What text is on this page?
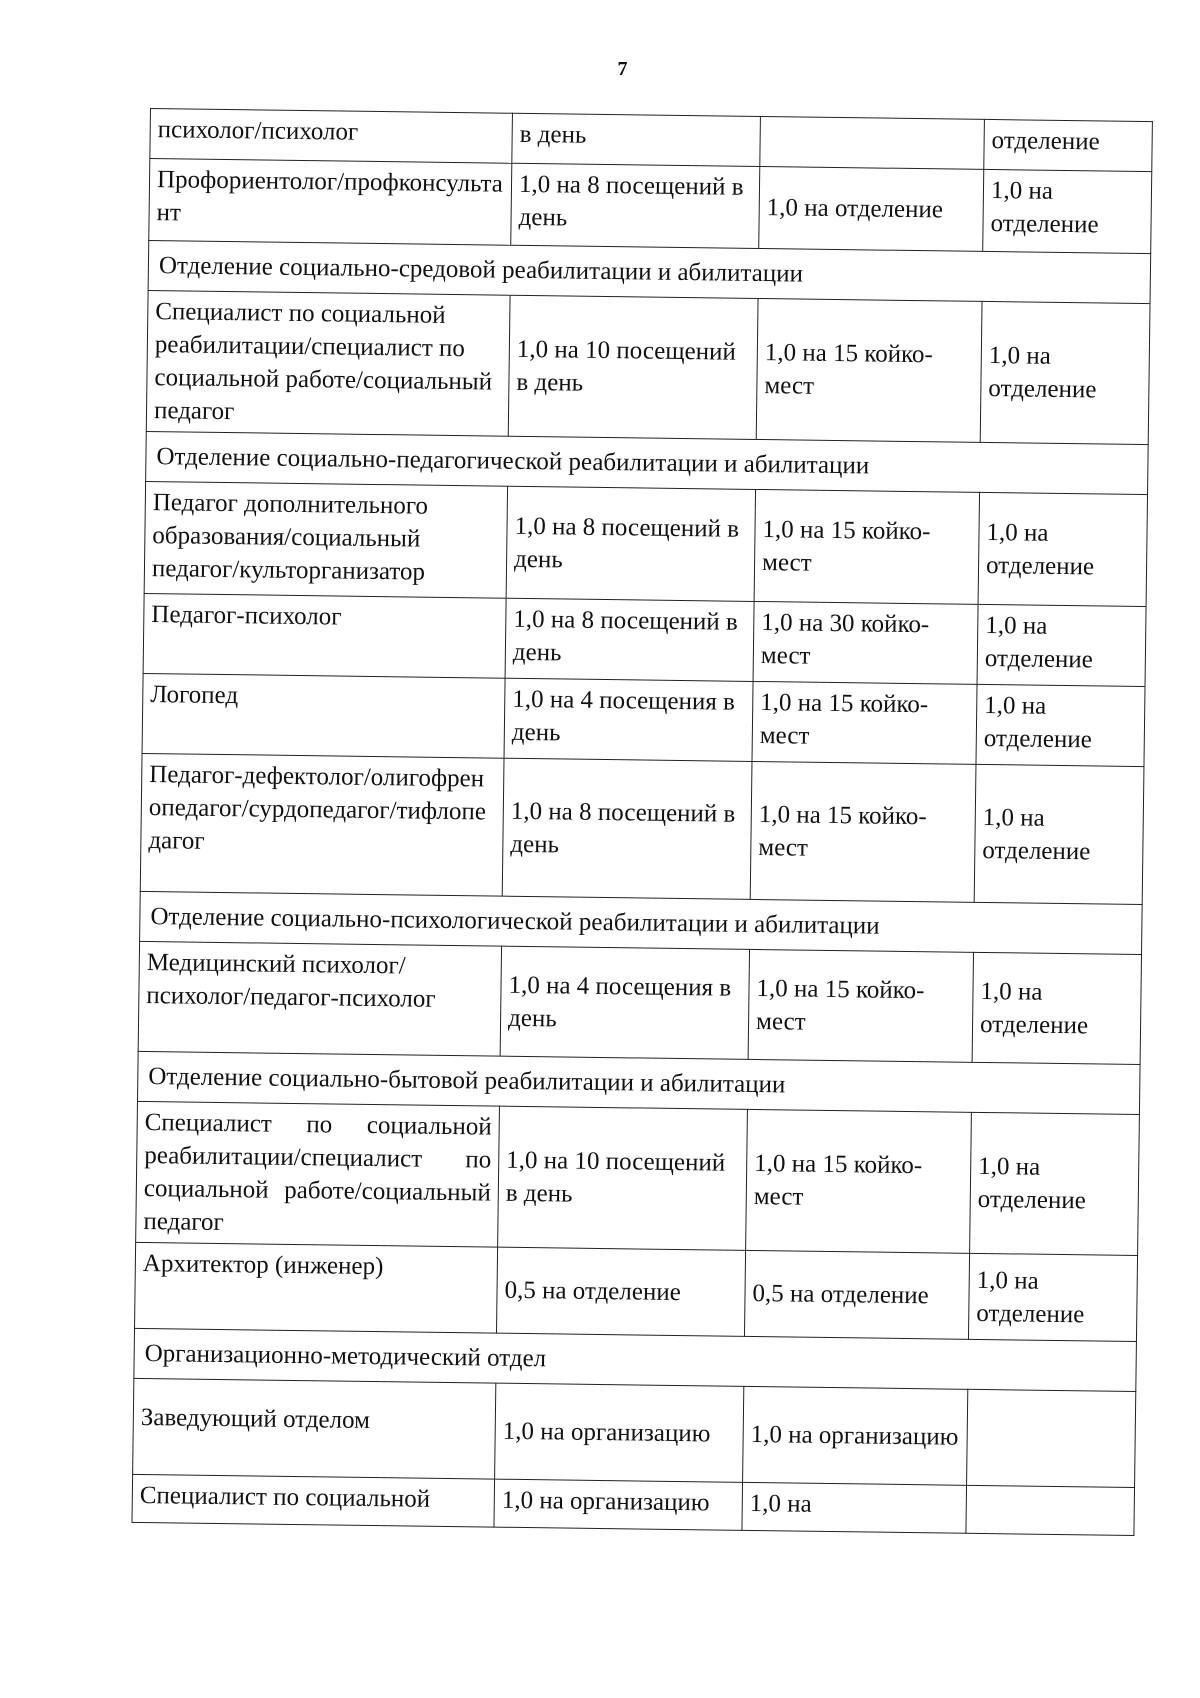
7
психолог/психолог	в день		отделение
Профориентолог/профконсультант	1,0 на 8 посещений в день	1,0 на отделение	1,0 на отделение
Отделение социально-средовой реабилитации и абилитации			
Специалист по социальной реабилитации/специалист по социальной работе/социальный педагог	1,0 на 10 посещений в день	1,0 на 15 койко-мест	1,0 на отделение
Отделение социально-педагогической реабилитации и абилитации			
Педагог дополнительного образования/социальный педагог/культорганизатор	1,0 на 8 посещений в день	1,0 на 15 койко-мест	1,0 на отделение
Педагог-психолог	1,0 на 8 посещений в день	1,0 на 30 койко-мест	1,0 на отделение
Логопед	1,0 на 4 посещения в день	1,0 на 15 койко-мест	1,0 на отделение
Педагог-дефектолог/олигофренопедагог/сурдопедагог/тифлопедагог	1,0 на 8 посещений в день	1,0 на 15 койко-мест	1,0 на отделение
Отделение социально-психологической реабилитации и абилитации			
Медицинский психолог/психолог/педагог-психолог	1,0 на 4 посещения в день	1,0 на 15 койко-мест	1,0 на отделение
Отделение социально-бытовой реабилитации и абилитации			
Специалист по социальной реабилитации/специалист по социальной работе/социальный педагог	1,0 на 10 посещений в день	1,0 на 15 койко-мест	1,0 на отделение
Архитектор (инженер)	0,5 на отделение	0,5 на отделение	1,0 на отделение
Организационно-методический отдел			
Заведующий отделом	1,0 на организацию	1,0 на организацию	
Специалист по социальной	1,0 на организацию	1,0 на	
